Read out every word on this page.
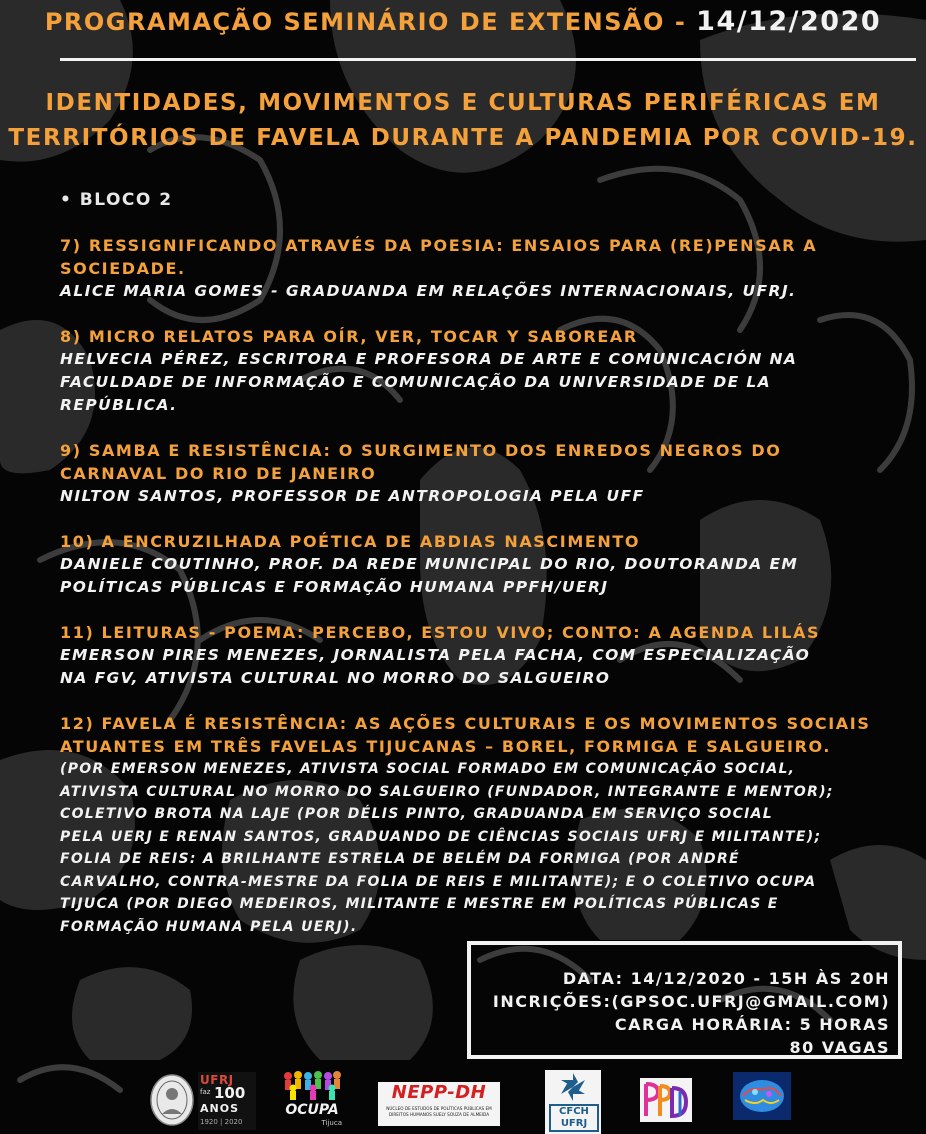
PROGRAMAÇÃO SEMINÁRIO DE EXTENSÃO - 14/12/2020
IDENTIDADES, MOVIMENTOS E CULTURAS PERIFÉRICAS EM
TERRITÓRIOS DE FAVELA DURANTE A PANDEMIA POR COVID-19.
• BLOCO 2
7) RESSIGNIFICANDO ATRAVÉS DA POESIA: ENSAIOS PARA (RE)PENSAR A
SOCIEDADE.
ALICE MARIA GOMES - GRADUANDA EM RELAÇÕES INTERNACIONAIS, UFRJ.
8) MICRO RELATOS PARA OÍR, VER, TOCAR Y SABOREAR
HELVECIA PÉREZ, ESCRITORA E PROFESORA DE ARTE E COMUNICACIÓN NA
FACULDADE DE INFORMAÇÃO E COMUNICAÇÃO DA UNIVERSIDADE DE LA
REPÚBLICA.
9) SAMBA E RESISTÊNCIA: O SURGIMENTO DOS ENREDOS NEGROS DO
CARNAVAL DO RIO DE JANEIRO
NILTON SANTOS, PROFESSOR DE ANTROPOLOGIA PELA UFF
10) A ENCRUZILHADA POÉTICA DE ABDIAS NASCIMENTO
DANIELE COUTINHO, PROF. DA REDE MUNICIPAL DO RIO, DOUTORANDA EM
POLÍTICAS PÚBLICAS E FORMAÇÃO HUMANA PPFH/UERJ
11) LEITURAS - POEMA: PERCEBO, ESTOU VIVO; CONTO: A AGENDA LILÁS
EMERSON PIRES MENEZES, JORNALISTA PELA FACHA, COM ESPECIALIZAÇÃO
NA FGV, ATIVISTA CULTURAL NO MORRO DO SALGUEIRO
12) FAVELA É RESISTÊNCIA: AS AÇÕES CULTURAIS E OS MOVIMENTOS SOCIAIS
ATUANTES EM TRÊS FAVELAS TIJUCANAS – BOREL, FORMIGA E SALGUEIRO.
(POR EMERSON MENEZES, ATIVISTA SOCIAL FORMADO EM COMUNICAÇÃO SOCIAL,
ATIVISTA CULTURAL NO MORRO DO SALGUEIRO (FUNDADOR, INTEGRANTE E MENTOR);
COLETIVO BROTA NA LAJE (POR DÉLIS PINTO, GRADUANDA EM SERVIÇO SOCIAL
PELA UERJ E RENAN SANTOS, GRADUANDO DE CIÊNCIAS SOCIAIS UFRJ E MILITANTE);
FOLIA DE REIS: A BRILHANTE ESTRELA DE BELÉM DA FORMIGA (POR ANDRÉ
CARVALHO, CONTRA-MESTRE DA FOLIA DE REIS E MILITANTE); E O COLETIVO OCUPA
TIJUCA (POR DIEGO MEDEIROS, MILITANTE E MESTRE EM POLÍTICAS PÚBLICAS E
FORMAÇÃO HUMANA PELA UERJ).
DATA: 14/12/2020 - 15H ÀS 20H
INCRIÇÕES:(GPSOC.UFRJ@GMAIL.COM)
CARGA HORÁRIA: 5 HORAS
80 VAGAS
UFRJ
faz 100
ANOS
1920 | 2020
OCUPA
Tijuca
NEPP-DH
NÚCLEO DE ESTUDOS DE POLÍTICAS PÚBLICAS EM DIREITOS HUMANOS SUELY SOUZA DE ALMEIDA	CFCH
UFRJ
